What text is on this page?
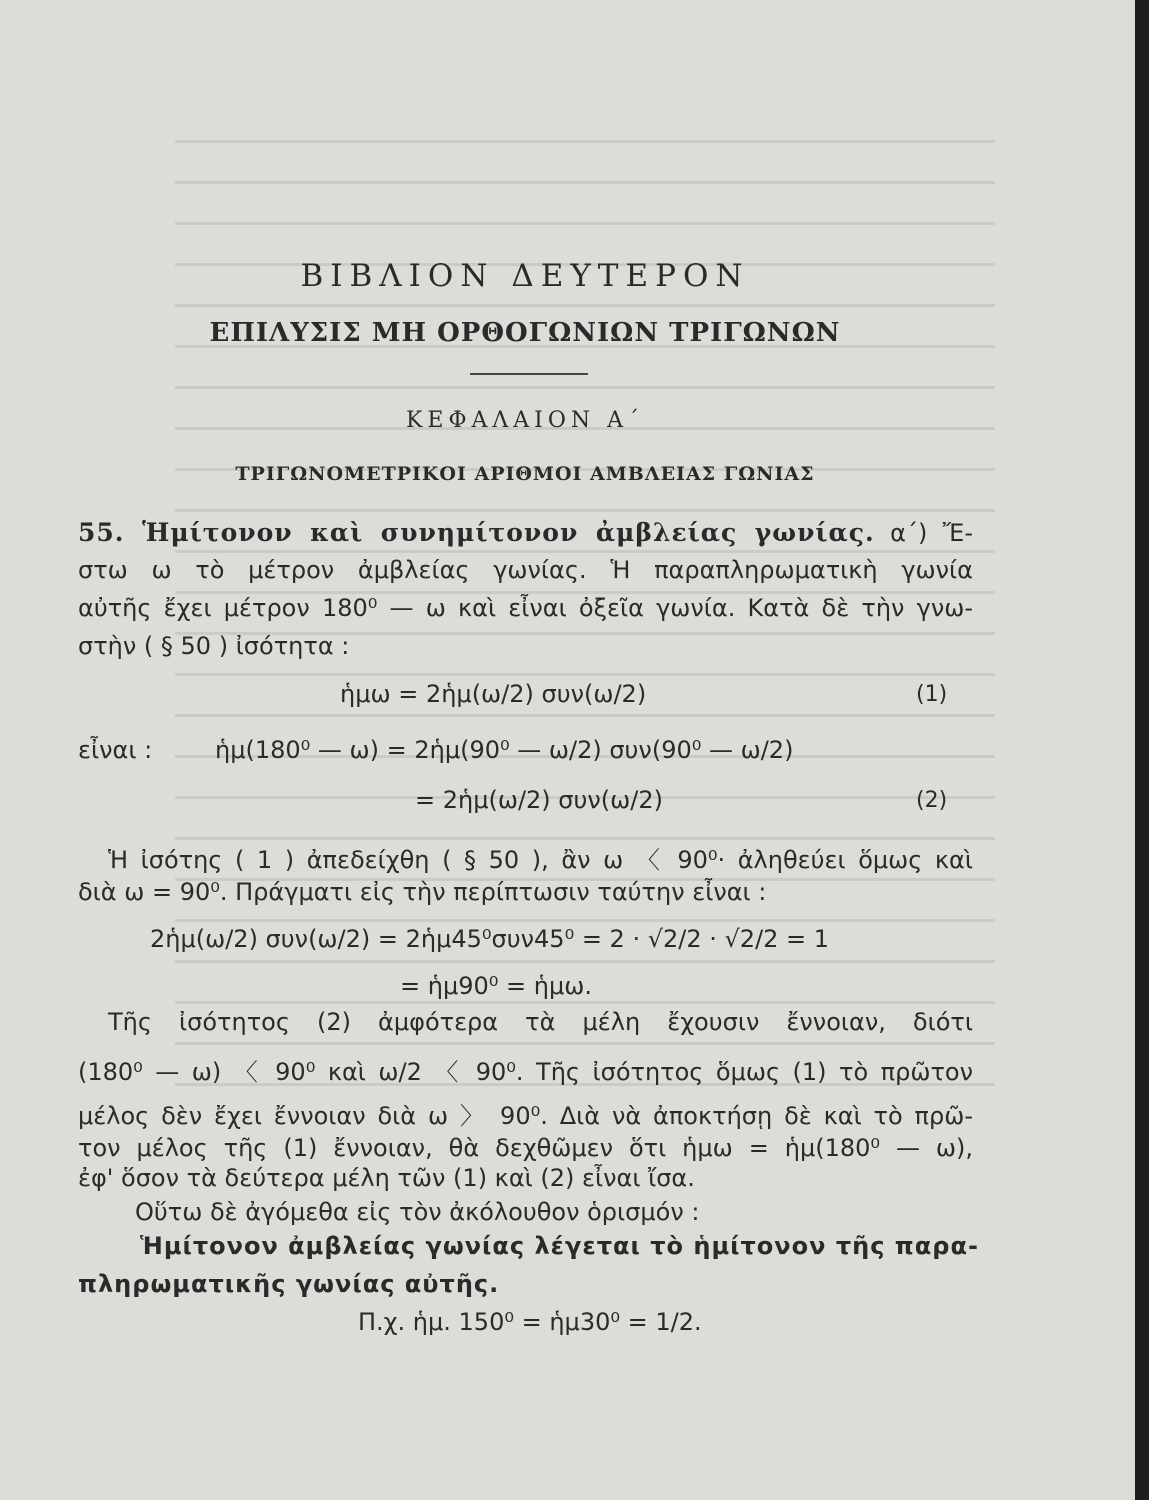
ΒΙΒΛΙΟΝ ΔΕΥΤΕΡΟΝ
ΕΠΙΛΥΣΙΣ ΜΗ ΟΡΘΟΓΩΝΙΩΝ ΤΡΙΓΩΝΩΝ
ΚΕΦΑΛΑΙΟΝ Α΄
ΤΡΙΓΩΝΟΜΕΤΡΙΚΟΙ ΑΡΙΘΜΟΙ ΑΜΒΛΕΙΑΣ ΓΩΝΙΑΣ
55. Ἡμίτονον καὶ συνημίτονον ἀμβλείας γωνίας. α΄) Ἔ-
στω ω τὸ μέτρον ἀμβλείας γωνίας. Ἡ παραπληρωματικὴ γωνία
αὐτῆς ἔχει μέτρον 180⁰ — ω καὶ εἶναι ὀξεῖα γωνία. Κατὰ δὲ τὴν γνω-
στὴν ( § 50 ) ἰσότητα :
ἡμω = 2ἡμ(ω/2) συν(ω/2)	(1)
εἶναι :	ἡμ(180⁰ — ω) = 2ἡμ(90⁰ — ω/2) συν(90⁰ — ω/2)
= 2ἡμ(ω/2) συν(ω/2)	(2)
Ἡ ἰσότης ( 1 ) ἀπεδείχθη ( § 50 ), ἂν ω 〈 90⁰· ἀληθεύει ὅμως καὶ
διὰ ω = 90⁰. Πράγματι εἰς τὴν περίπτωσιν ταύτην εἶναι :
2ἡμ(ω/2) συν(ω/2) = 2ἡμ45⁰συν45⁰ = 2 · √2/2 · √2/2 = 1
= ἡμ90⁰ = ἡμω.
Τῆς ἰσότητος (2) ἀμφότερα τὰ μέλη ἔχουσιν ἔννοιαν, διότι
(180⁰ — ω) 〈 90⁰ καὶ ω/2 〈 90⁰. Τῆς ἰσότητος ὅμως (1) τὸ πρῶτον
μέλος δὲν ἔχει ἔννοιαν διὰ ω 〉 90⁰. Διὰ νὰ ἀποκτήσῃ δὲ καὶ τὸ πρῶ-
τον μέλος τῆς (1) ἔννοιαν, θὰ δεχθῶμεν ὅτι ἡμω = ἡμ(180⁰ — ω),
ἐφ' ὅσον τὰ δεύτερα μέλη τῶν (1) καὶ (2) εἶναι ἴσα.
Οὕτω δὲ ἀγόμεθα εἰς τὸν ἀκόλουθον ὁρισμόν :
Ἡμίτονον ἀμβλείας γωνίας λέγεται τὸ ἡμίτονον τῆς παρα-
πληρωματικῆς γωνίας αὐτῆς.
Π.χ. ἡμ. 150⁰ = ἡμ30⁰ = 1/2.
